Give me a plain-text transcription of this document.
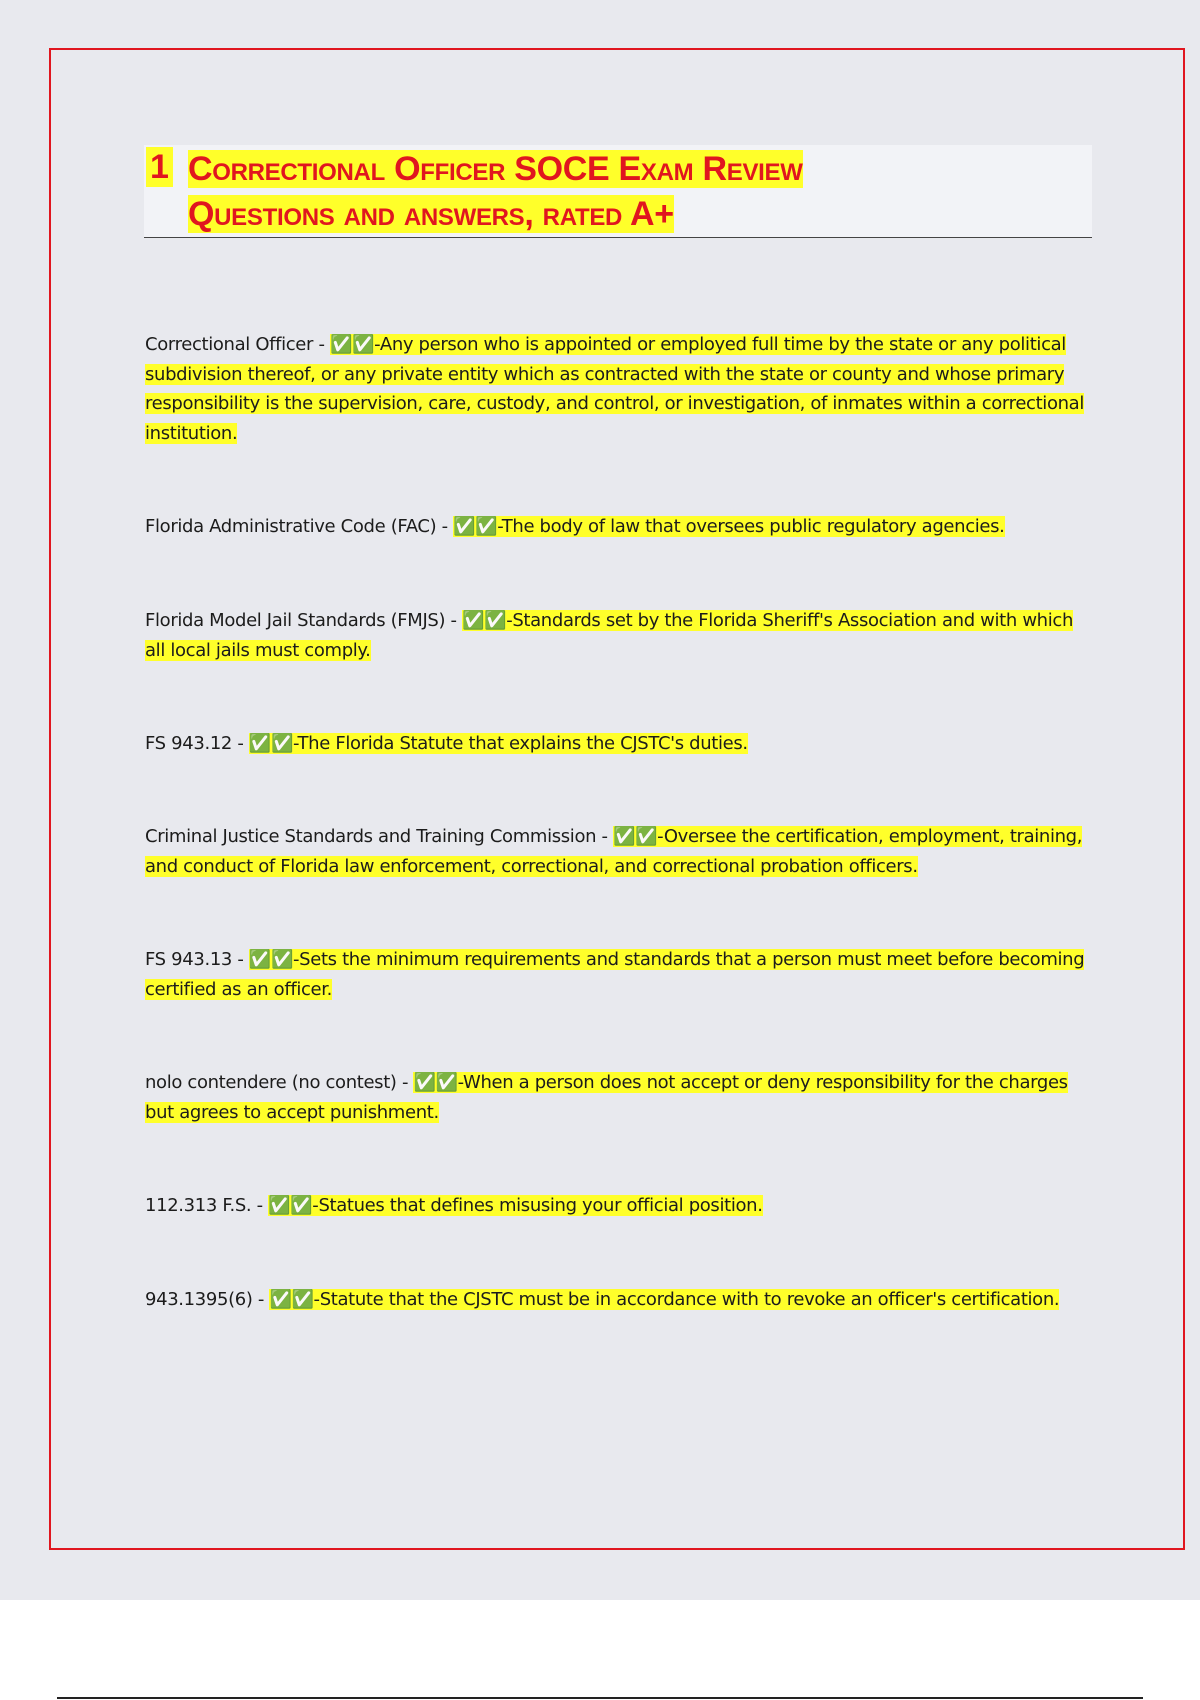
1 Correctional Officer SOCE Exam Review
Questions and answers, rated A+

Correctional Officer - ✅✅-Any person who is appointed or employed full time by the state or any political subdivision thereof, or any private entity which as contracted with the state or county and whose primary responsibility is the supervision, care, custody, and control, or investigation, of inmates within a correctional institution.

Florida Administrative Code (FAC) - ✅✅-The body of law that oversees public regulatory agencies.

Florida Model Jail Standards (FMJS) - ✅✅-Standards set by the Florida Sheriff's Association and with which all local jails must comply.

FS 943.12 - ✅✅-The Florida Statute that explains the CJSTC's duties.

Criminal Justice Standards and Training Commission - ✅✅-Oversee the certification, employment, training, and conduct of Florida law enforcement, correctional, and correctional probation officers.

FS 943.13 - ✅✅-Sets the minimum requirements and standards that a person must meet before becoming certified as an officer.

nolo contendere (no contest) - ✅✅-When a person does not accept or deny responsibility for the charges but agrees to accept punishment.

112.313 F.S. - ✅✅-Statues that defines misusing your official position.

943.1395(6) - ✅✅-Statute that the CJSTC must be in accordance with to revoke an officer's certification.
